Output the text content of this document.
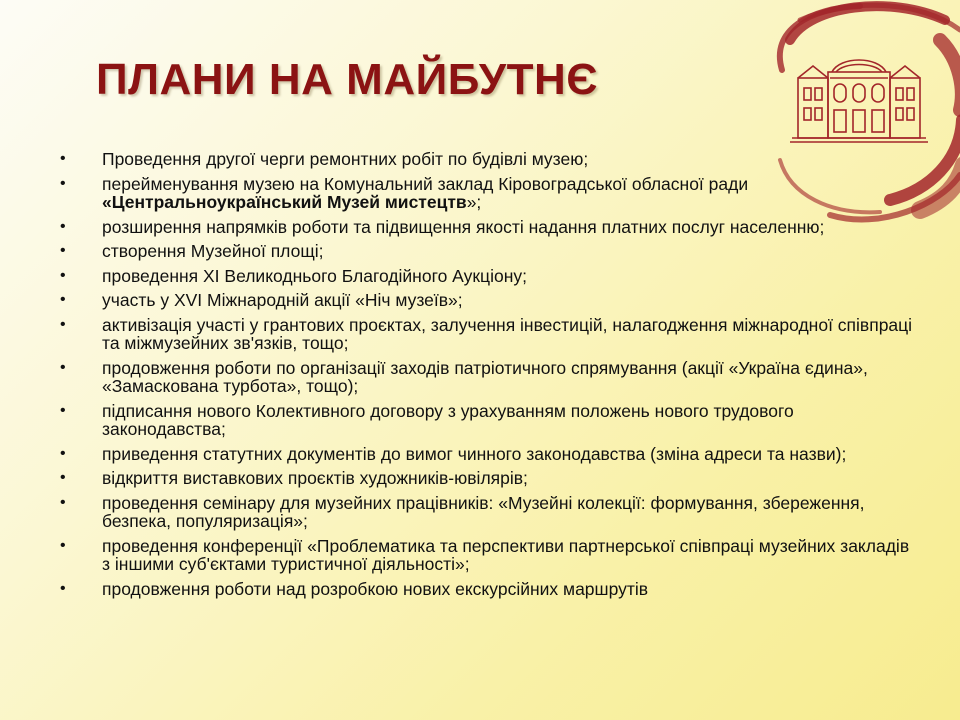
ПЛАНИ НА МАЙБУТНЄ
• Проведення другої черги ремонтних робіт по будівлі музею;
• перейменування музею на Комунальний заклад Кіровоградської обласної ради «Центральноукраїнський Музей мистецтв»;
• розширення напрямків роботи та підвищення якості надання платних послуг населенню;
• створення Музейної площі;
• проведення XI Великоднього Благодійного Аукціону;
• участь у XVI Міжнародній акції «Ніч музеїв»;
• активізація участі у грантових проєктах, залучення інвестицій, налагодження міжнародної співпраці та міжмузейних зв'язків, тощо;
• продовження роботи по організації заходів патріотичного спрямування (акції «Україна єдина», «Замаскована турбота», тощо);
• підписання нового Колективного договору з урахуванням положень нового трудового законодавства;
• приведення статутних документів до вимог чинного законодавства (зміна адреси та назви);
• відкриття виставкових проєктів художників-ювілярів;
• проведення семінару для музейних працівників: «Музейні колекції: формування, збереження, безпека, популяризація»;
• проведення конференції «Проблематика та перспективи партнерської співпраці музейних закладів з іншими суб'єктами туристичної діяльності»;
• продовження роботи над розробкою нових екскурсійних маршрутів
